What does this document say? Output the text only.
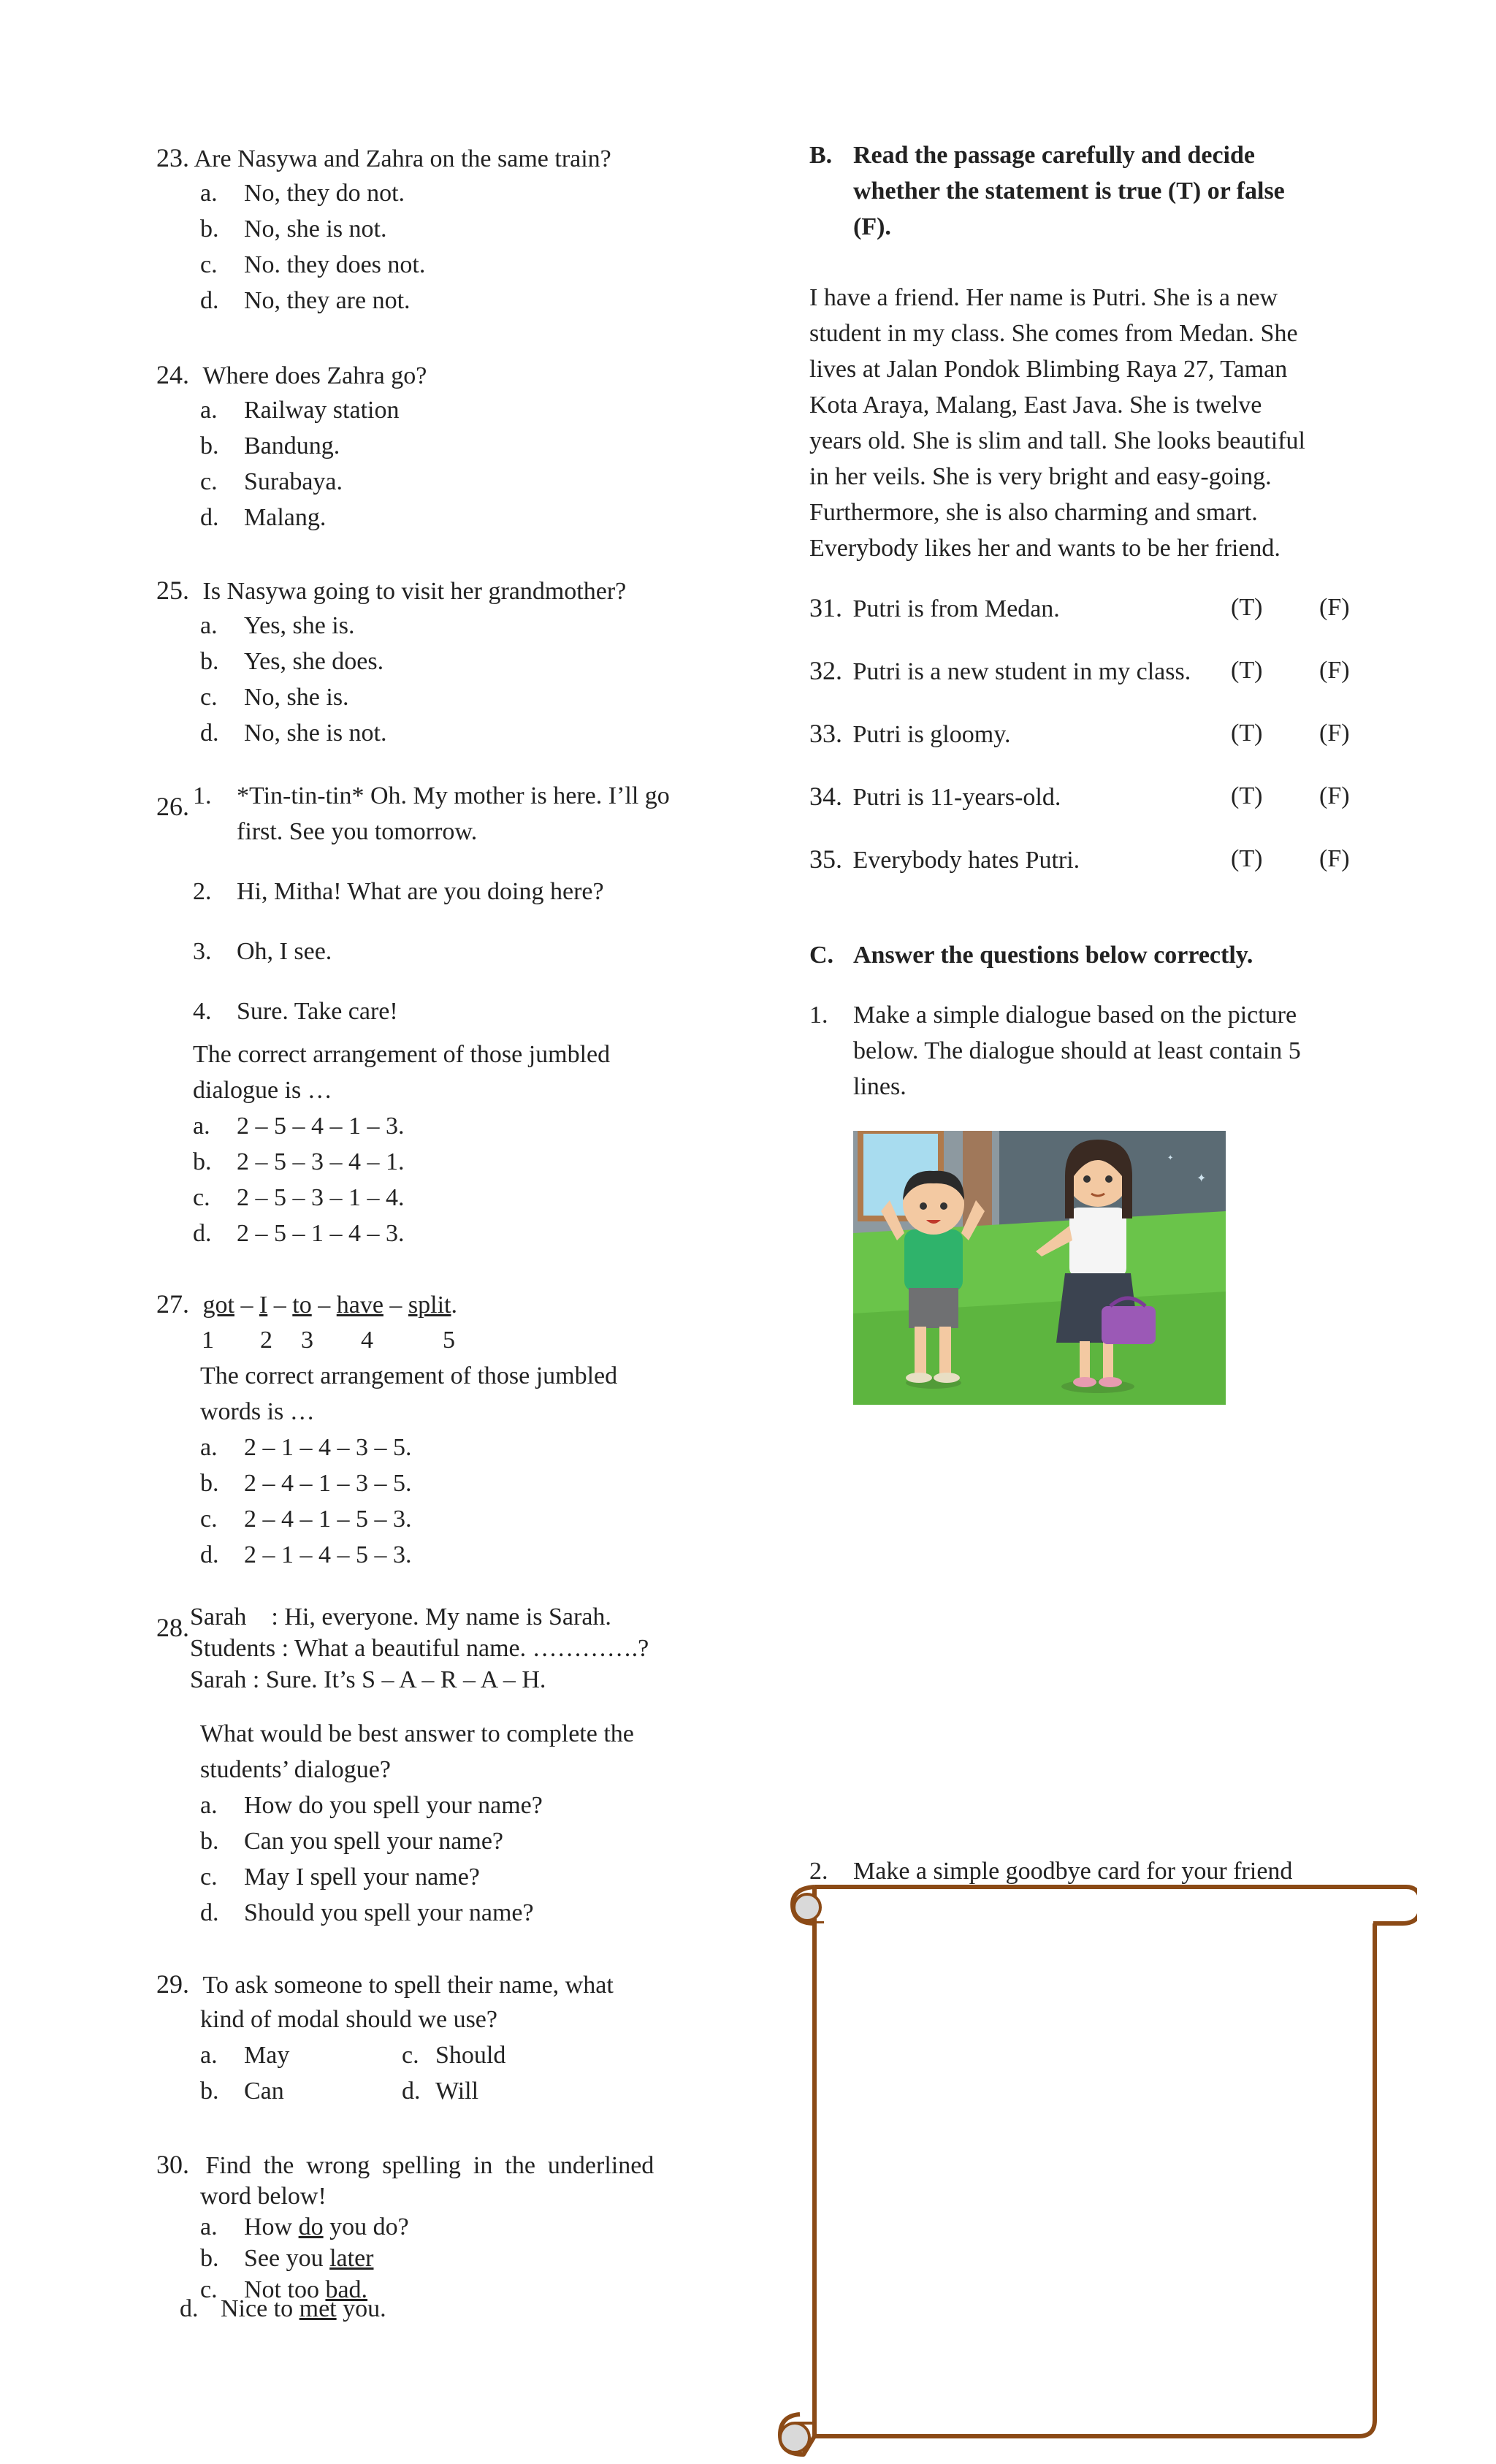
23. Are Nasywa and Zahra on the same train?
a. No, they do not.
b. No, she is not.
c. No. they does not.
d. No, they are not.
24. Where does Zahra go?
a. Railway station
b. Bandung.
c. Surabaya.
d. Malang.
25. Is Nasywa going to visit her grandmother?
a. Yes, she is.
b. Yes, she does.
c. No, she is.
d. No, she is not.
26. 1. *Tin-tin-tin* Oh. My mother is here. I’ll go
first. See you tomorrow.
2. Hi, Mitha! What are you doing here?
3. Oh, I see.
4. Sure. Take care!
The correct arrangement of those jumbled
dialogue is …
a. 2 – 5 – 4 – 1 – 3.
b. 2 – 5 – 3 – 4 – 1.
c. 2 – 5 – 3 – 1 – 4.
d. 2 – 5 – 1 – 4 – 3.
27. got – I – to – have – split.
1 2 3 4	5
The correct arrangement of those jumbled
words is …
a. 2 – 1 – 4 – 3 – 5.
b. 2 – 4 – 1 – 3 – 5.
c. 2 – 4 – 1 – 5 – 3.
d. 2 – 1 – 4 – 5 – 3.
28. Sarah    : Hi, everyone. My name is Sarah.
Students : What a beautiful name. ………….?
Sarah : Sure. It’s S – A – R – A – H.
What would be best answer to complete the
students’ dialogue?
a. How do you spell your name?
b. Can you spell your name?
c. May I spell your name?
d. Should you spell your name?
29. To ask someone to spell their name, what
kind of modal should we use?
a. May	c. Should
b. Can	d. Will
30. Find  the  wrong  spelling  in  the  underlined
word below!
a. How do you do?
b. See you later
c. Not too bad.
d. Nice to met you.
B. Read the passage carefully and decide
whether the statement is true (T) or false
(F).
I have a friend. Her name is Putri. She is a new
student in my class. She comes from Medan. She
lives at Jalan Pondok Blimbing Raya 27, Taman
Kota Araya, Malang, East Java. She is twelve
years old. She is slim and tall. She looks beautiful
in her veils. She is very bright and easy-going.
Furthermore, she is also charming and smart.
Everybody likes her and wants to be her friend.
31. Putri is from Medan.	(T) (F)
32. Putri is a new student in my class. (T) (F)
33. Putri is gloomy.	(T) (F)
34. Putri is 11-years-old.	(T) (F)
35. Everybody hates Putri.	(T) (F)
C. Answer the questions below correctly.
1. Make a simple dialogue based on the picture
below. The dialogue should at least contain 5
lines.
✦
✦
2. Make a simple goodbye card for your friend
